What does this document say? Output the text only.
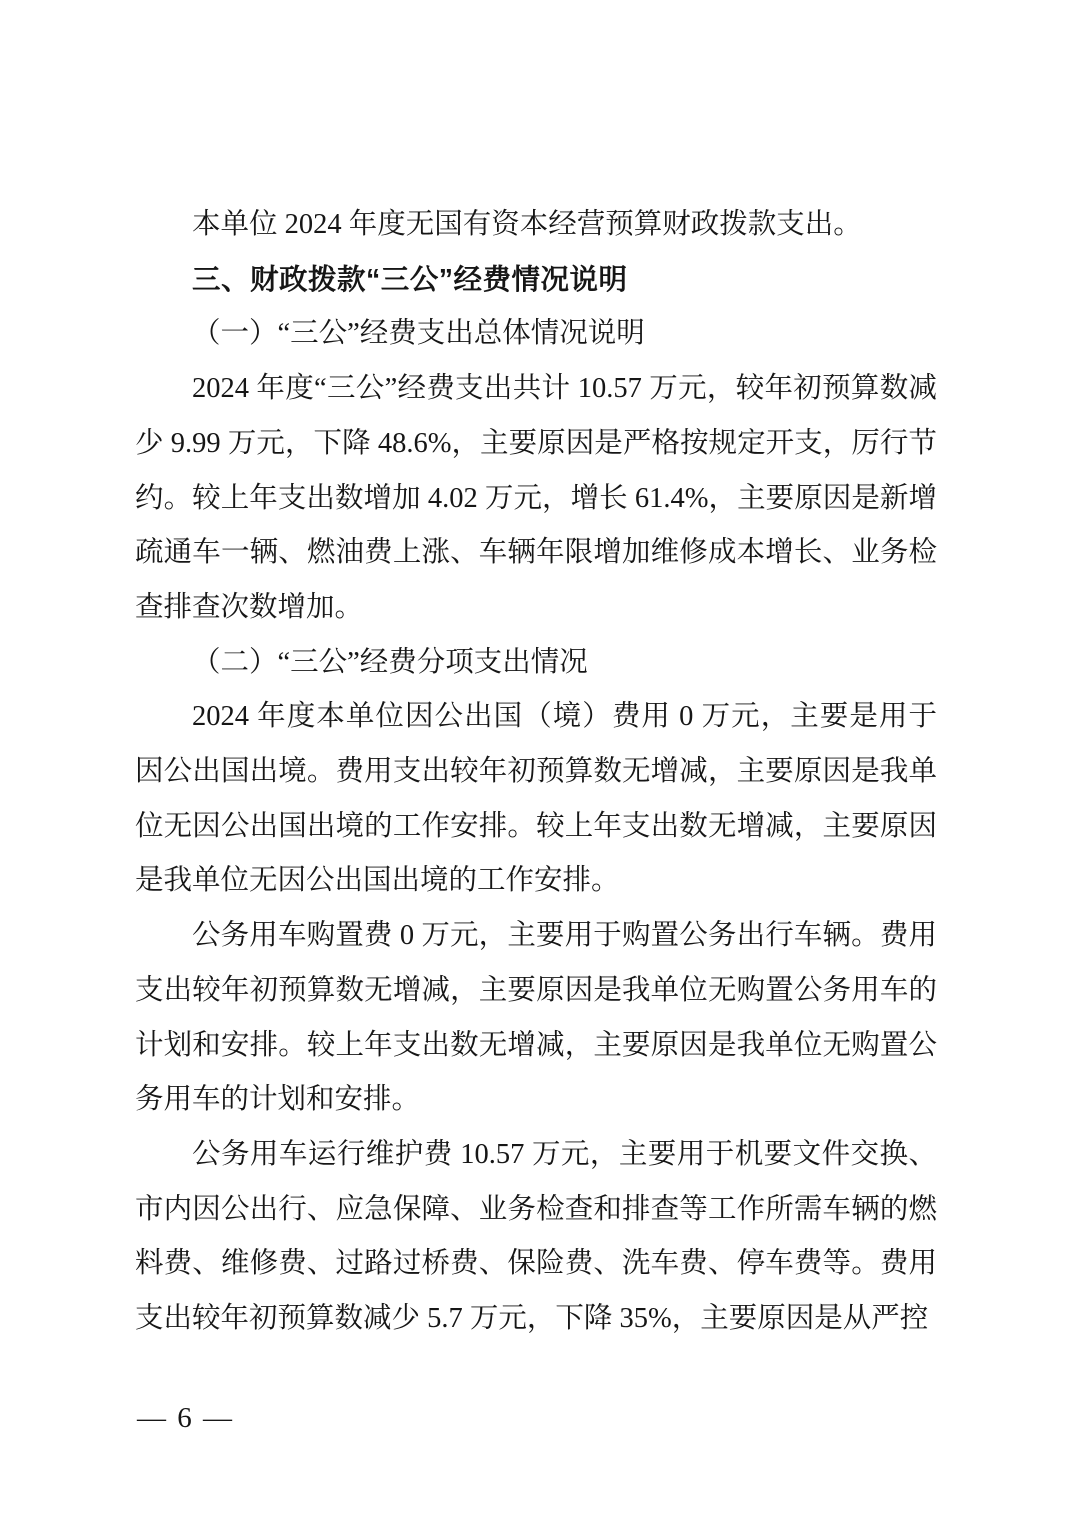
本单位 2024 年度无国有资本经营预算财政拨款支出。

三、财政拨款“三公”经费情况说明

（一）“三公”经费支出总体情况说明

2024 年度“三公”经费支出共计 10.57 万元，较年初预算数减少 9.99 万元，下降 48.6%，主要原因是严格按规定开支，厉行节约。较上年支出数增加 4.02 万元，增长 61.4%，主要原因是新增疏通车一辆、燃油费上涨、车辆年限增加维修成本增长、业务检查排查次数增加。

（二）“三公”经费分项支出情况

2024 年度本单位因公出国（境）费用 0 万元，主要是用于因公出国出境。费用支出较年初预算数无增减，主要原因是我单位无因公出国出境的工作安排。较上年支出数无增减，主要原因是我单位无因公出国出境的工作安排。

公务用车购置费 0 万元，主要用于购置公务出行车辆。费用支出较年初预算数无增减，主要原因是我单位无购置公务用车的计划和安排。较上年支出数无增减，主要原因是我单位无购置公务用车的计划和安排。

公务用车运行维护费 10.57 万元，主要用于机要文件交换、市内因公出行、应急保障、业务检查和排查等工作所需车辆的燃料费、维修费、过路过桥费、保险费、洗车费、停车费等。费用支出较年初预算数减少 5.7 万元，下降 35%，主要原因是从严控

— 6 —
